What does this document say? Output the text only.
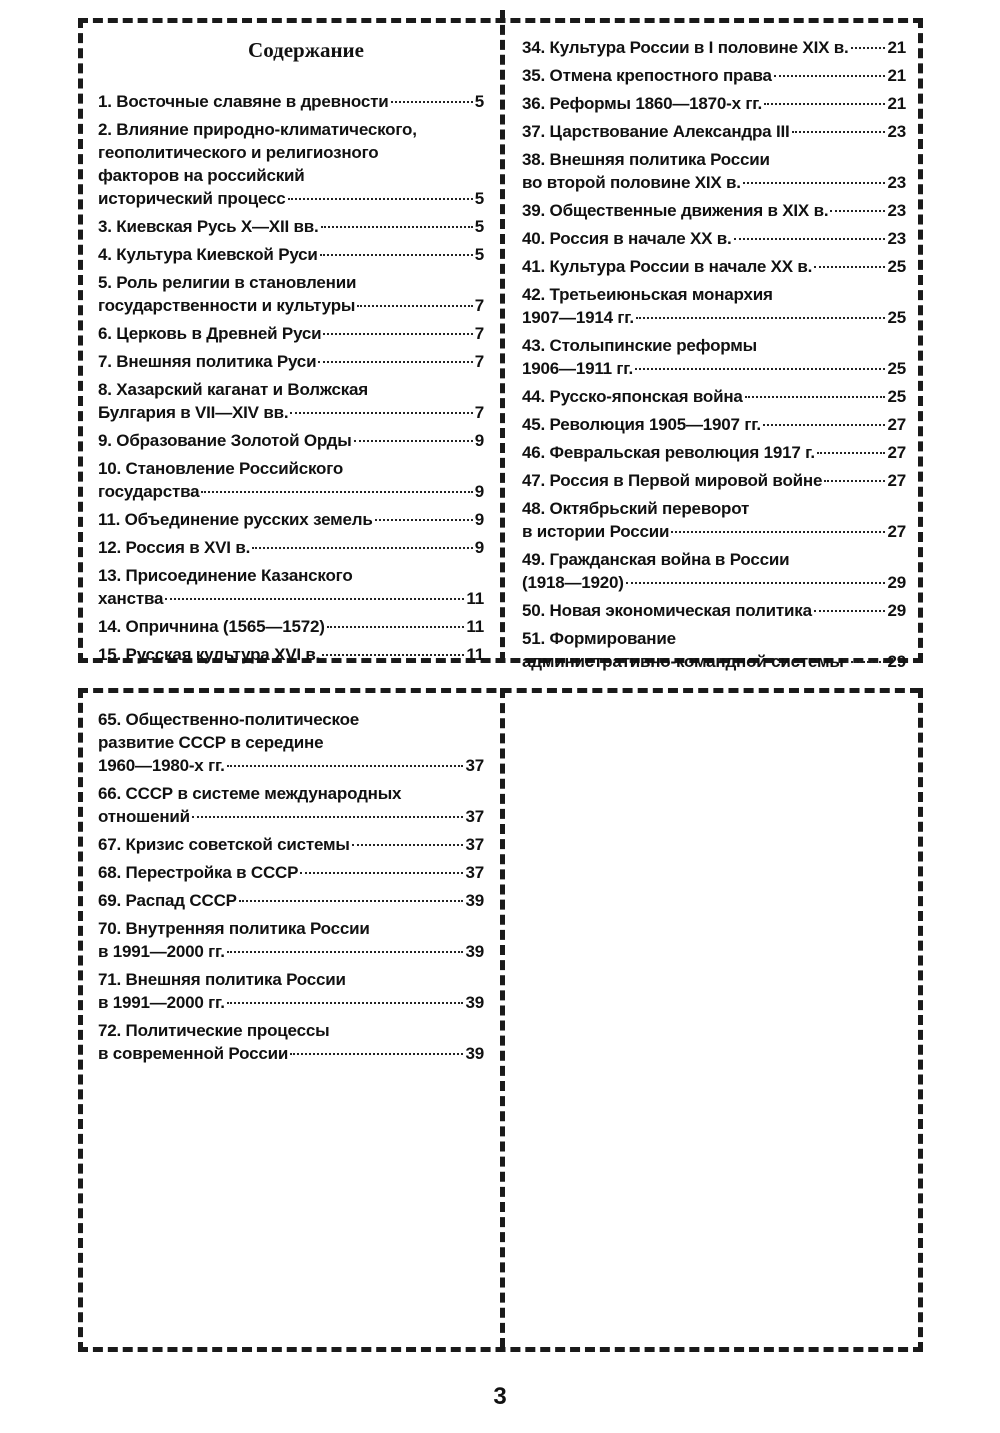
Содержание
1. Восточные славяне в древности	5
2. Влияние природно-климатического,
геополитического и религиозного
факторов на российский
исторический процесс	5
3. Киевская Русь X—XII вв.	5
4. Культура Киевской Руси	5
5. Роль религии в становлении
государственности и культуры	7
6. Церковь в Древней Руси	7
7. Внешняя политика Руси	7
8. Хазарский каганат и Волжская
Булгария в VII—XIV вв.	7
9. Образование Золотой Орды	9
10. Становление Российского
государства	9
11. Объединение русских земель	9
12. Россия в XVI в.	9
13. Присоединение Казанского
ханства	11
14. Опричнина (1565—1572)	11
15. Русская культура XVI в.	11
34. Культура России в I половине XIX в. 21
35. Отмена крепостного права	21
36. Реформы 1860—1870-х гг.	21
37. Царствование Александра III	23
38. Внешняя политика России
во второй половине XIX в.	23
39. Общественные движения в XIX в.	23
40. Россия в начале XX в.	23
41. Культура России в начале XX в.	25
42. Третьеиюньская монархия
1907—1914 гг.	25
43. Столыпинские реформы
1906—1911 гг.	25
44. Русско-японская война	25
45. Революция 1905—1907 гг.	27
46. Февральская революция 1917 г.	27
47. Россия в Первой мировой войне	27
48. Октябрьский переворот
в истории России	27
49. Гражданская война в России
(1918—1920)	29
50. Новая экономическая политика	29
51. Формирование
административно-командной системы	29
65. Общественно-политическое
развитие СССР в середине
1960—1980-х гг.	37
66. СССР в системе международных
отношений	37
67. Кризис советской системы	37
68. Перестройка в СССР	37
69. Распад СССР	39
70. Внутренняя политика России
в 1991—2000 гг.	39
71. Внешняя политика России
в 1991—2000 гг.	39
72. Политические процессы
в современной России	39
3
